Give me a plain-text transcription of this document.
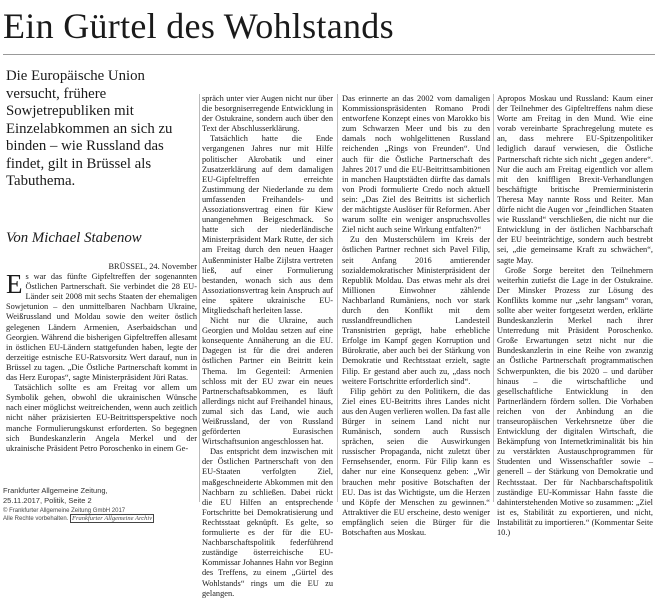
Ein Gürtel des Wohlstands
Die Europäische Union versucht, frühere Sowjetrepubliken mit Einzelabkommen an sich zu binden – wie Russland das findet, gilt in Brüssel als Tabuthema.
Von Michael Stabenow

BRÜSSEL, 24. November

Es war das fünfte Gipfeltreffen der sogenannten Östlichen Partnerschaft. Sie verbindet die 28 EU-Länder seit 2008 mit sechs Staaten der ehemaligen Sowjetunion – den unmittelbaren Nachbarn Ukraine, Weißrussland und Moldau sowie den weiter östlich gelegenen Ländern Armenien, Aserbaidschan und Georgien. Während die bisherigen Gipfeltreffen allesamt in östlichen EU-Ländern stattgefunden haben, legte der derzeitige estnische EU-Ratsvorsitz Wert darauf, nun in Brüssel zu tagen. „Die Östliche Partnerschaft kommt in das Herz Europas“, sagte Ministerpräsident Jüri Ratas.

Tatsächlich sollte es am Freitag vor allem um Symbolik gehen, obwohl die ukrainischen Wünsche nach einer möglichst weitreichenden, wenn auch zeitlich nicht näher präzisierten EU-Beitrittsperspektive noch manche Formulierungskunst erforderten. So begegnen sich Bundeskanzlerin Angela Merkel und der ukrainische Präsident Petro Poroschenko in einem Ge-

spräch unter vier Augen nicht nur über die besorgniserregende Entwicklung in der Ostukraine, sondern auch über den Text der Abschlusserklärung.

Tatsächlich hatte die Ende vergangenen Jahres nur mit Hilfe politischer Akrobatik und einer Zusatzerklärung auf dem damaligen EU-Gipfeltreffen erreichte Zustimmung der Niederlande zu dem umfassenden Freihandels- und Assoziationsvertrag einen für Kiew unangenehmen Beigeschmack. So hatte sich der niederländische Ministerpräsident Mark Rutte, der sich am Freitag durch den neuen Haager Außenminister Halbe Zijlstra vertreten ließ, auf einer Formulierung bestanden, wonach sich aus dem Assoziationsvertrag kein Anspruch auf eine spätere ukrainische EU-Mitgliedschaft herleiten lasse.

Nicht nur die Ukraine, auch Georgien und Moldau setzen auf eine konsequente Annäherung an die EU. Dagegen ist für die drei anderen östlichen Partner ein Beitritt kein Thema. Im Gegenteil: Armenien schloss mit der EU zwar ein neues Partnerschaftsabkommen, es läuft allerdings nicht auf Freihandel hinaus, zumal sich das Land, wie auch Weißrussland, der von Russland geförderten Eurasischen Wirtschaftsunion angeschlossen hat.

Das entspricht dem inzwischen mit der Östlichen Partnerschaft von den EU-Staaten verfolgten Ziel, maßgeschneiderte Abkommen mit den Nachbarn zu schließen. Dabei rückt die EU Hilfen an entsprechende Fortschritte bei Demokratisierung und Rechtsstaat geknüpft. Es gelte, so formulierte es der für die EU-Nachbarschaftspolitik federführend zuständige österreichische EU-Kommissar Johannes Hahn vor Beginn des Treffens, zu einem „Gürtel des Wohlstands“ rings um die EU zu gelangen.

Das erinnerte an das 2002 vom damaligen Kommissionspräsidenten Romano Prodi entworfene Konzept eines von Marokko bis zum Schwarzen Meer und bis zu den damals noch wohlgelittenen Russland reichenden „Rings von Freunden“. Und auch für die Östliche Partnerschaft des Jahres 2017 und die EU-Beitrittsambitionen in manchen Hauptstädten dürfte das damals von Prodi formulierte Credo noch aktuell sein: „Das Ziel des Beitritts ist sicherlich der mächtigste Auslöser für Reformen. Aber warum sollte ein weniger anspruchsvolles Ziel nicht auch seine Wirkung entfalten?“

Zu den Musterschülern im Kreis der östlichen Partner rechnet sich Pavel Filip, seit Anfang 2016 amtierender sozialdemokratischer Ministerpräsident der Republik Moldau. Das etwas mehr als drei Millionen Einwohner zählende Nachbarland Rumäniens, noch vor stark durch den Konflikt mit dem russlandfreundlichen Landesteil Transnistrien geprägt, habe erhebliche Erfolge im Kampf gegen Korruption und Bürokratie, aber auch bei der Stärkung von Demokratie und Rechtsstaat erzielt, sagte Filip. Er gestand aber auch zu, „dass noch weitere Fortschritte erforderlich sind“.

Filip gehört zu den Politikern, die das Ziel eines EU-Beitritts ihres Landes nicht aus den Augen verlieren wollen. Da fast alle Bürger in seinem Land nicht nur Rumänisch, sondern auch Russisch sprächen, seien die Auswirkungen russischer Propaganda, nicht zuletzt über Fernsehsender, enorm. Für Filip kann es daher nur eine Konsequenz geben: „Wir brauchen mehr positive Botschaften der EU. Das ist das Wichtigste, um die Herzen und Köpfe der Menschen zu gewinnen.“ Attraktiver die EU erscheine, desto weniger empfänglich seien die Bürger für die Botschaften aus Moskau.

Apropos Moskau und Russland: Kaum einer der Teilnehmer des Gipfeltreffens nahm diese Worte am Freitag in den Mund. Wie eine vorab vereinbarte Sprachregelung mutete es an, dass mehrere EU-Spitzenpolitiker lediglich darauf verwiesen, die Östliche Partnerschaft richte sich nicht „gegen andere“. Nur die auch am Freitag eigentlich vor allem mit den kniffligen Brexit-Verhandlungen beschäftigte britische Premierministerin Theresa May nannte Ross und Reiter. Man dürfe nicht die Augen vor „feindlichen Staaten wie Russland“ verschließen, die nicht nur die Entwicklung in der östlichen Nachbarschaft der EU beeinträchtige, sondern auch bestrebt sei, „die gemeinsame Kraft zu schwächen“, sagte May.

Große Sorge bereitet den Teilnehmern weiterhin zutiefst die Lage in der Ostukraine. Der Minsker Prozess zur Lösung des Konflikts komme nur „sehr langsam“ voran, sollte aber weiter fortgesetzt werden, erklärte Bundeskanzlerin Merkel nach ihrer Unterredung mit Präsident Poroschenko. Große Erwartungen setzt nicht nur die Bundeskanzlerin in eine Reihe von zwanzig an Östliche Partnerschaft programmatischen Schwerpunkten, die bis 2020 – und darüber hinaus – die wirtschaftliche und gesellschaftliche Entwicklung in den Partnerländern fördern sollen. Die Vorhaben reichen von der Anbindung an die transeuropäischen Verkehrsnetze über die Entwicklung der digitalen Wirtschaft, die Bekämpfung von Internetkriminalität bis hin zu verstärkten Austauschprogrammen für Studenten und Wissenschaftler sowie – generell – der Stärkung von Demokratie und Rechtsstaat. Der für Nachbarschaftspolitik zuständige EU-Kommissar Hahn fasste die dahinterstehenden Motive so zusammen: „Ziel ist es, Stabilität zu exportieren, und nicht, Instabilität zu importieren.“ (Kommentar Seite 10.)

Frankfurter Allgemeine Zeitung,
25.11.2017, Politik, Seite 2
© Frankfurter Allgemeine Zeitung GmbH 2017
Alle Rechte vorbehalten. Frankfurter Allgemeine Archiv
